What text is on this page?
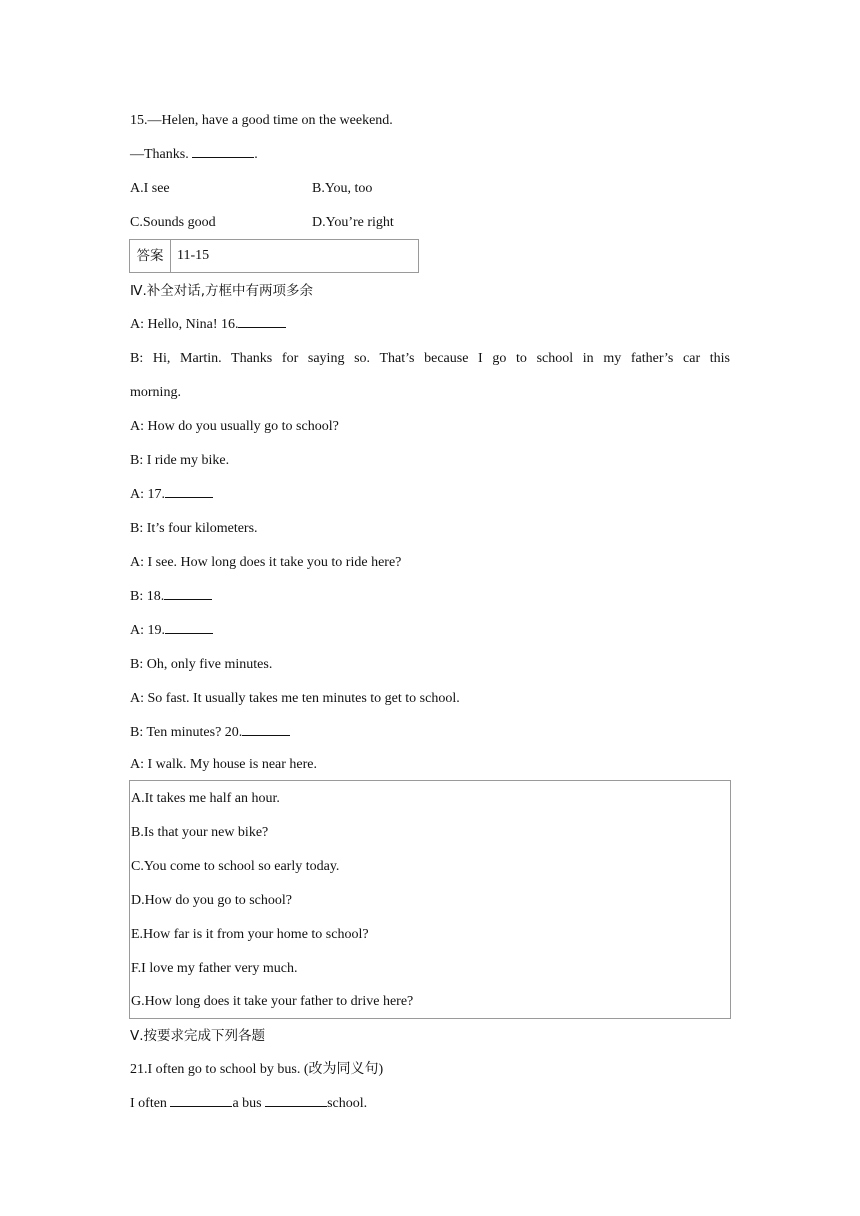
15.—Helen, have a good time on the weekend.
—Thanks.	.
A.I see	B.You, too
C.Sounds good	D.You’re right
答案 11-15
Ⅳ.补全对话,方框中有两项多余
A: Hello, Nina! 16.
B: Hi, Martin. Thanks for saying so. That’s because I go to school in my father’s car this
morning.
A: How do you usually go to school?
B: I ride my bike.
A: 17.
B: It’s four kilometers.
A: I see. How long does it take you to ride here?
B: 18.
A: 19.
B: Oh, only five minutes.
A: So fast. It usually takes me ten minutes to get to school.
B: Ten minutes? 20.
A: I walk. My house is near here.
A.It takes me half an hour.
B.Is that your new bike?
C.You come to school so early today.
D.How do you go to school?
E.How far is it from your home to school?
F.I love my father very much.
G.How long does it take your father to drive here?
Ⅴ.按要求完成下列各题
21.I often go to school by bus. (改为同义句)
I often	a bus	school.
